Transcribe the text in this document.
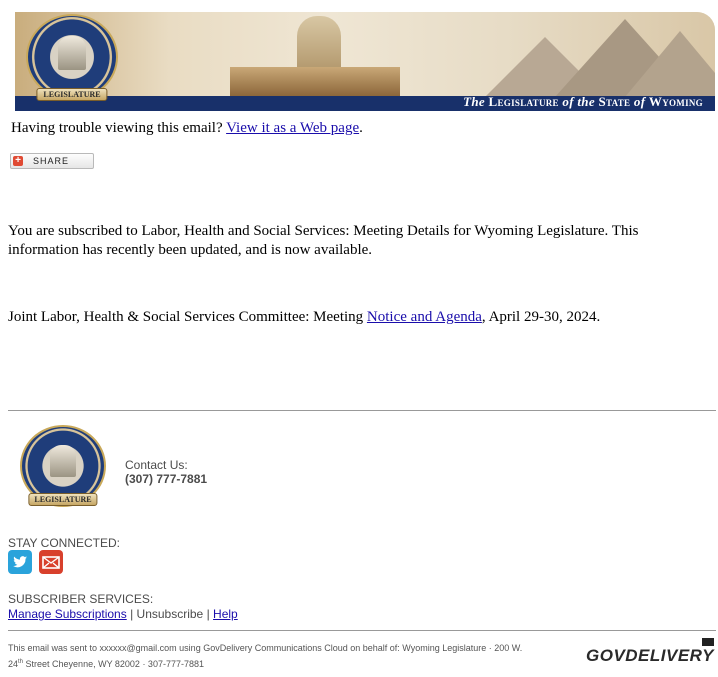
The Legislature of the State of Wyoming
LEGISLATURE
Having trouble viewing this email? View it as a Web page.
+ SHARE
You are subscribed to Labor, Health and Social Services: Meeting Details for Wyoming Legislature. This information has recently been updated, and is now available.
Joint Labor, Health & Social Services Committee: Meeting Notice and Agenda, April 29-30, 2024.
LEGISLATURE
Contact Us:
(307) 777-7881
STAY CONNECTED:
SUBSCRIBER SERVICES:
Manage Subscriptions | Unsubscribe | Help
This email was sent to xxxxxx@gmail.com using GovDelivery Communications Cloud on behalf of: Wyoming Legislature · 200 W.
24th Street Cheyenne, WY 82002 · 307-777-7881	GOVDELIVERY
